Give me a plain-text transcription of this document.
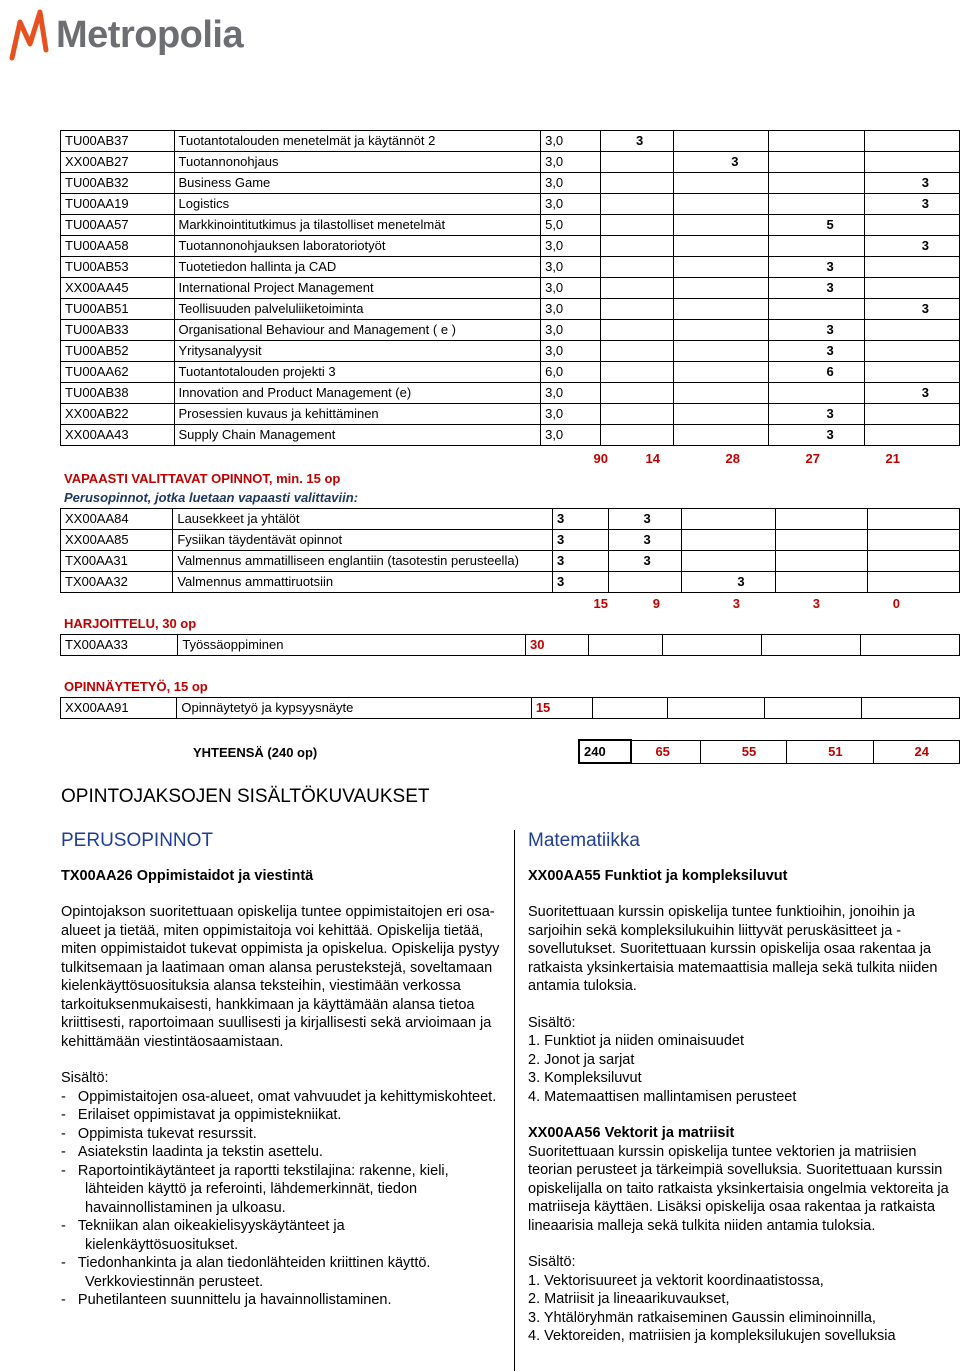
Metropolia
TU00AB37	Tuotantotalouden menetelmät ja käytännöt 2	3,0	3			
XX00AB27	Tuotannonohjaus	3,0		3		
TU00AB32	Business Game	3,0				3
TU00AA19	Logistics	3,0				3
TU00AA57	Markkinointitutkimus ja tilastolliset menetelmät	5,0			5	
TU00AA58	Tuotannonohjauksen laboratoriotyöt	3,0				3
TU00AB53	Tuotetiedon hallinta ja CAD	3,0			3	
XX00AA45	International Project Management	3,0			3	
TU00AB51	Teollisuuden palveluliiketoiminta	3,0				3
TU00AB33	Organisational Behaviour and Management ( e )	3,0			3	
TU00AB52	Yritysanalyysit	3,0			3	
TU00AA62	Tuotantotalouden projekti 3	6,0			6	
TU00AB38	Innovation and Product Management (e)	3,0				3
XX00AB22	Prosessien kuvaus ja kehittäminen	3,0			3	
XX00AA43	Supply Chain Management	3,0			3	
90	14	28	27	21
VAPAASTI VALITTAVAT OPINNOT, min. 15 op
Perusopinnot, jotka luetaan vapaasti valittaviin:
XX00AA84	Lausekkeet ja yhtälöt	3	3			
XX00AA85	Fysiikan täydentävät opinnot	3	3			
TX00AA31	Valmennus ammatilliseen englantiin (tasotestin perusteella)	3	3			
TX00AA32	Valmennus ammattiruotsiin	3		3		
15	9	3	3	0
HARJOITTELU, 30 op
TX00AA33	Työssäoppiminen	30				
OPINNÄYTETYÖ, 15 op
XX00AA91	Opinnäytetyö ja kypsyysnäyte	15				
YHTEENSÄ (240 op)	240	65	55	51	24
OPINTOJAKSOJEN SISÄLTÖKUVAUKSET
PERUSOPINNOT
TX00AA26 Oppimistaidot ja viestintä

Opintojakson suoritettuaan opiskelija tuntee oppimistaitojen eri osa-alueet ja tietää, miten oppimistaitoja voi kehittää. Opiskelija tietää, miten oppimistaidot tukevat oppimista ja opiskelua. Opiskelija pystyy tulkitsemaan ja laatimaan oman alansa perustekstejä, soveltamaan kielenkäyttösuosituksia alansa teksteihin, viestimään verkossa tarkoituksenmukaisesti, hankkimaan ja käyttämään alansa tietoa kriittisesti, raportoimaan suullisesti ja kirjallisesti sekä arvioimaan ja kehittämään viestintäosaamistaan.

Sisältö:

-   Oppimistaitojen osa-alueet, omat vahvuudet ja kehittymiskohteet.
-   Erilaiset oppimistavat ja oppimistekniikat.
-   Oppimista tukevat resurssit.
-   Asiatekstin laadinta ja tekstin asettelu.
-   Raportointikäytänteet ja raportti tekstilajina: rakenne, kieli, lähteiden käyttö ja referointi, lähdemerkinnät, tiedon havainnollistaminen ja ulkoasu.
-   Tekniikan alan oikeakielisyyskäytänteet ja kielenkäyttösuositukset.
-   Tiedonhankinta ja alan tiedonlähteiden kriittinen käyttö. Verkkoviestinnän perusteet.
-   Puhetilanteen suunnittelu ja havainnollistaminen.
Matematiikka
XX00AA55 Funktiot ja kompleksiluvut

Suoritettuaan kurssin opiskelija tuntee funktioihin, jonoihin ja sarjoihin sekä kompleksilukuihin liittyvät peruskäsitteet ja -sovellutukset. Suoritettuaan kurssin opiskelija osaa rakentaa ja ratkaista yksinkertaisia matemaattisia malleja sekä tulkita niiden antamia tuloksia.

Sisältö:

1. Funktiot ja niiden ominaisuudet
2. Jonot ja sarjat
3. Kompleksiluvut
4. Matemaattisen mallintamisen perusteet
XX00AA56 Vektorit ja matriisit

Suoritettuaan kurssin opiskelija tuntee vektorien ja matriisien teorian perusteet ja tärkeimpiä sovelluksia. Suoritettuaan kurssin opiskelijalla on taito ratkaista yksinkertaisia ongelmia vektoreita ja matriiseja käyttäen. Lisäksi opiskelija osaa rakentaa ja ratkaista lineaarisia malleja sekä tulkita niiden antamia tuloksia.

Sisältö:

1. Vektorisuureet ja vektorit koordinaatistossa,
2. Matriisit ja lineaarikuvaukset,
3. Yhtälöryhmän ratkaiseminen Gaussin eliminoinnilla,
4. Vektoreiden, matriisien ja kompleksilukujen sovelluksia
